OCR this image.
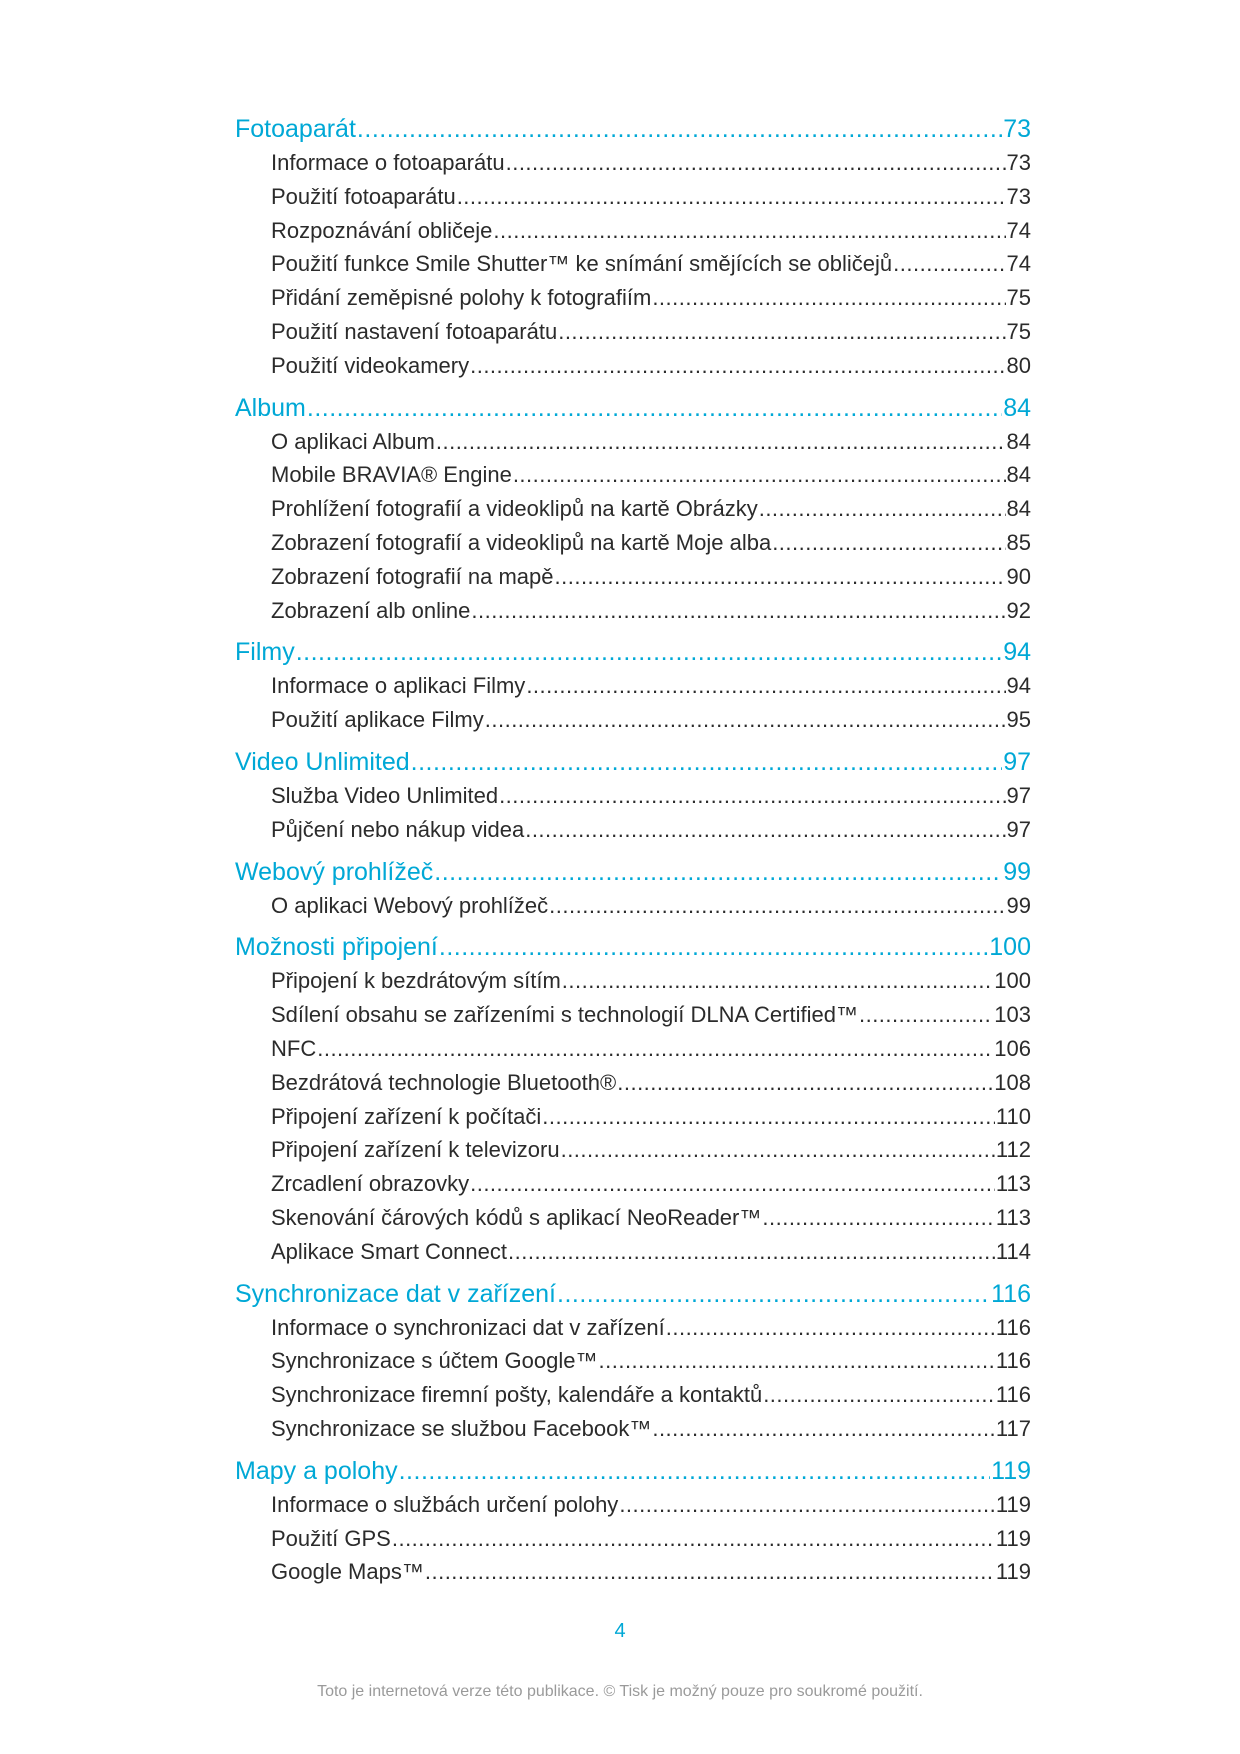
Fotoaparát .....	73
Informace o fotoaparátu .....	73
Použití fotoaparátu .....	73
Rozpoznávání obličeje .....	74
Použití funkce Smile Shutter™ ke snímání smějících se obličejů .....	74
Přidání zeměpisné polohy k fotografiím .....	75
Použití nastavení fotoaparátu .....	75
Použití videokamery .....	80
Album .....	84
O aplikaci Album .....	84
Mobile BRAVIA® Engine .....	84
Prohlížení fotografií a videoklipů na kartě Obrázky .....	84
Zobrazení fotografií a videoklipů na kartě Moje alba .....	85
Zobrazení fotografií na mapě .....	90
Zobrazení alb online .....	92
Filmy .....	94
Informace o aplikaci Filmy .....	94
Použití aplikace Filmy .....	95
Video Unlimited .....	97
Služba Video Unlimited .....	97
Půjčení nebo nákup videa .....	97
Webový prohlížeč .....	99
O aplikaci Webový prohlížeč .....	99
Možnosti připojení .....	100
Připojení k bezdrátovým sítím .....	100
Sdílení obsahu se zařízeními s technologií DLNA Certified™ .....	103
NFC .....	106
Bezdrátová technologie Bluetooth® .....	108
Připojení zařízení k počítači .....	110
Připojení zařízení k televizoru .....	112
Zrcadlení obrazovky .....	113
Skenování čárových kódů s aplikací NeoReader™ .....	113
Aplikace Smart Connect .....	114
Synchronizace dat v zařízení .....	116
Informace o synchronizaci dat v zařízení .....	116
Synchronizace s účtem Google™ .....	116
Synchronizace firemní pošty, kalendáře a kontaktů .....	116
Synchronizace se službou Facebook™ .....	117
Mapy a polohy .....	119
Informace o službách určení polohy .....	119
Použití GPS .....	119
Google Maps™ .....	119
4
Toto je internetová verze této publikace. © Tisk je možný pouze pro soukromé použití.
